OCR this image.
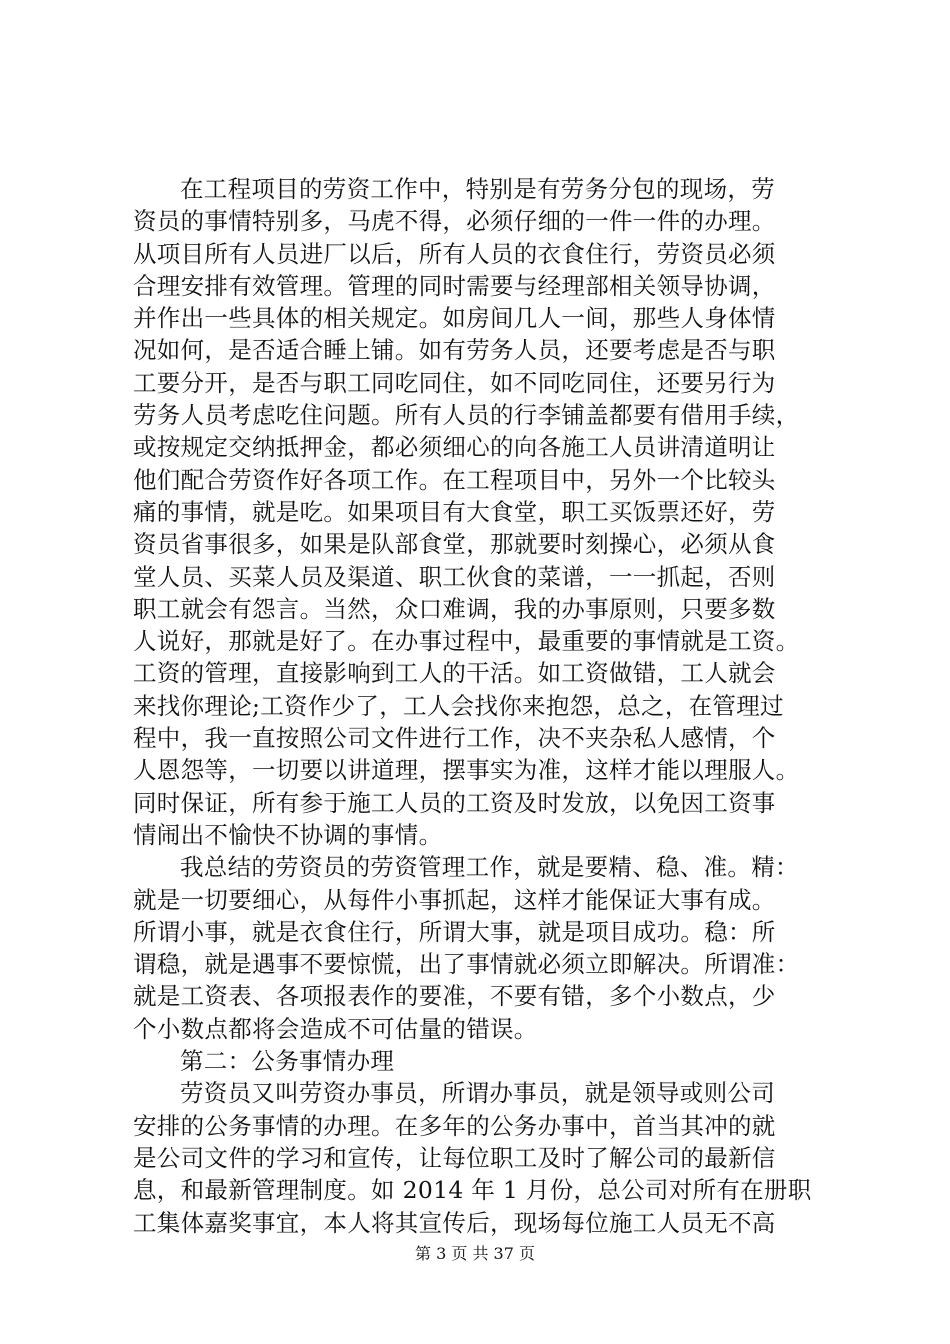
在工程项目的劳资工作中，特别是有劳务分包的现场，劳
资员的事情特别多，马虎不得，必须仔细的一件一件的办理。
从项目所有人员进厂以后，所有人员的衣食住行，劳资员必须
合理安排有效管理。管理的同时需要与经理部相关领导协调，
并作出一些具体的相关规定。如房间几人一间，那些人身体情
况如何，是否适合睡上铺。如有劳务人员，还要考虑是否与职
工要分开，是否与职工同吃同住，如不同吃同住，还要另行为
劳务人员考虑吃住问题。所有人员的行李铺盖都要有借用手续，
或按规定交纳抵押金，都必须细心的向各施工人员讲清道明让
他们配合劳资作好各项工作。在工程项目中，另外一个比较头
痛的事情，就是吃。如果项目有大食堂，职工买饭票还好，劳
资员省事很多，如果是队部食堂，那就要时刻操心，必须从食
堂人员、买菜人员及渠道、职工伙食的菜谱，一一抓起，否则
职工就会有怨言。当然，众口难调，我的办事原则，只要多数
人说好，那就是好了。在办事过程中，最重要的事情就是工资。
工资的管理，直接影响到工人的干活。如工资做错，工人就会
来找你理论;工资作少了，工人会找你来抱怨，总之，在管理过
程中，我一直按照公司文件进行工作，决不夹杂私人感情，个
人恩怨等，一切要以讲道理，摆事实为准，这样才能以理服人。
同时保证，所有参于施工人员的工资及时发放，以免因工资事
情闹出不愉快不协调的事情。
我总结的劳资员的劳资管理工作，就是要精、稳、准。精：
就是一切要细心，从每件小事抓起，这样才能保证大事有成。
所谓小事，就是衣食住行，所谓大事，就是项目成功。稳：所
谓稳，就是遇事不要惊慌，出了事情就必须立即解决。所谓准：
就是工资表、各项报表作的要准，不要有错，多个小数点，少
个小数点都将会造成不可估量的错误。
第二：公务事情办理
劳资员又叫劳资办事员，所谓办事员，就是领导或则公司
安排的公务事情的办理。在多年的公务办事中，首当其冲的就
是公司文件的学习和宣传，让每位职工及时了解公司的最新信
息，和最新管理制度。如 2014 年 1 月份，总公司对所有在册职
工集体嘉奖事宜，本人将其宣传后，现场每位施工人员无不高
第 3 页 共 37 页
